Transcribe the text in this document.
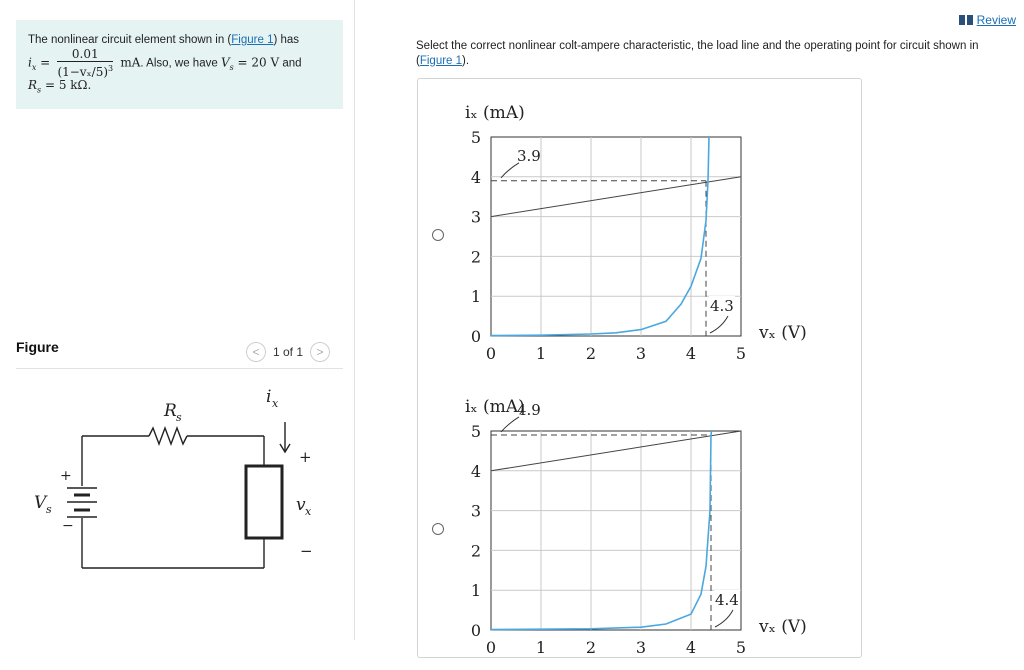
The nonlinear circuit element shown in (Figure 1) has
$i_x = \frac{0.01}{(1-v_x/5)^3}$ mA. Also, we have $V_s = 20$ V and
$R_s = 5$ kΩ.
Figure	< 1 of 1 >
R s
V s
+
−
i x
+
v x
−
Review
Select the correct nonlinear colt-ampere characteristic, the load line and the operating point for circuit shown in (Figure 1).
0
1
2
3
4
5
0 1 2 3 4 5
iₓ (mA)
vₓ (V)
3.9
4.3
0
1
2
3
4
5
0 1 2 3 4 5
iₓ (mA)
vₓ (V)
4.9
4.4
